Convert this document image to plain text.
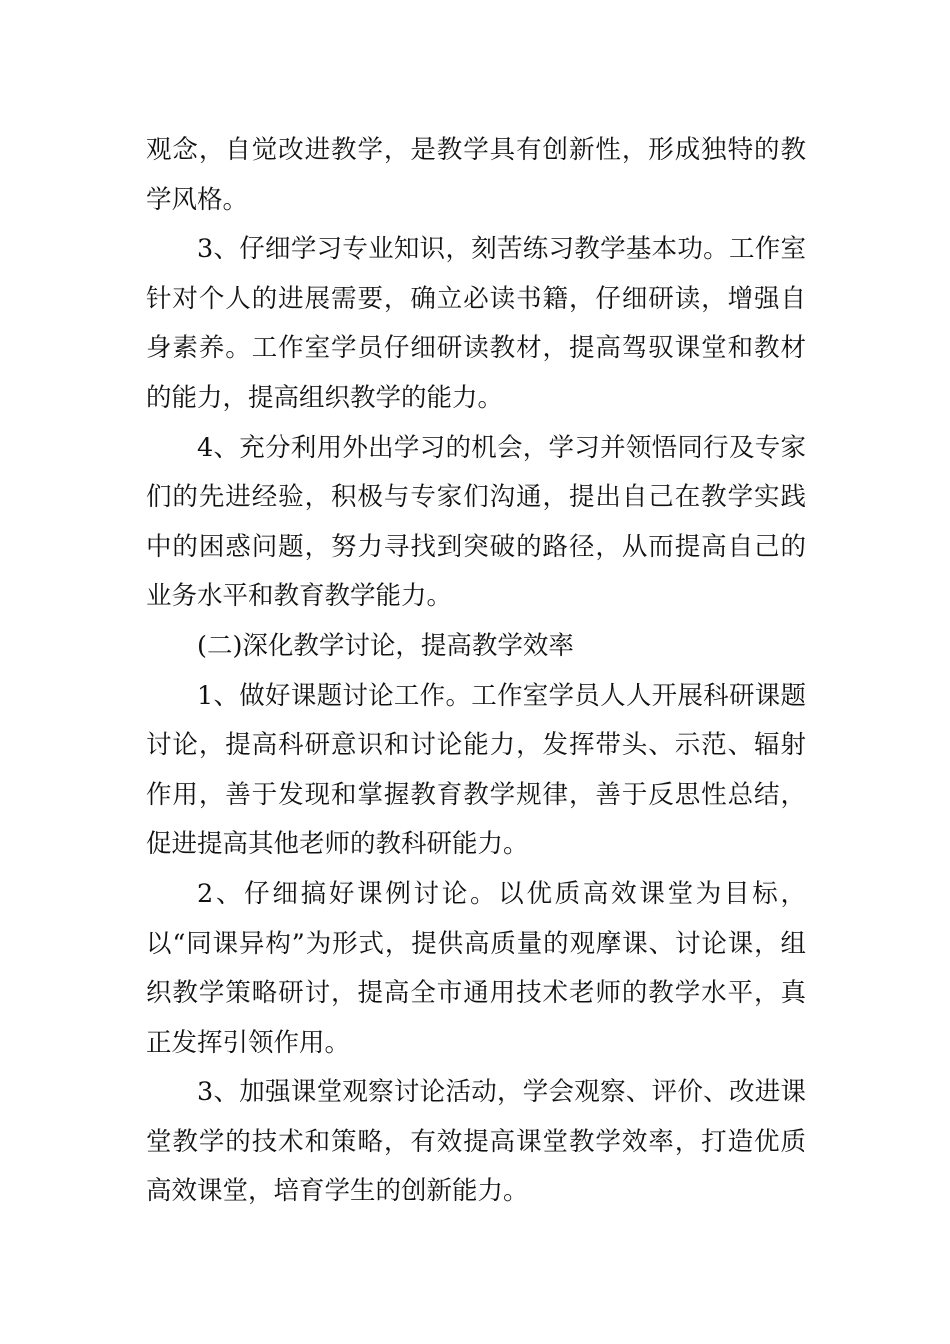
观念，自觉改进教学，是教学具有创新性，形成独特的教学风格。

3、仔细学习专业知识，刻苦练习教学基本功。工作室针对个人的进展需要，确立必读书籍，仔细研读，增强自身素养。工作室学员仔细研读教材，提高驾驭课堂和教材的能力，提高组织教学的能力。

4、充分利用外出学习的机会，学习并领悟同行及专家们的先进经验，积极与专家们沟通，提出自己在教学实践中的困惑问题，努力寻找到突破的路径，从而提高自己的业务水平和教育教学能力。

(二)深化教学讨论，提高教学效率

1、做好课题讨论工作。工作室学员人人开展科研课题讨论，提高科研意识和讨论能力，发挥带头、示范、辐射作用，善于发现和掌握教育教学规律，善于反思性总结，促进提高其他老师的教科研能力。

2、仔细搞好课例讨论。以优质高效课堂为目标，以“同课异构”为形式，提供高质量的观摩课、讨论课，组织教学策略研讨，提高全市通用技术老师的教学水平，真正发挥引领作用。

3、加强课堂观察讨论活动，学会观察、评价、改进课堂教学的技术和策略，有效提高课堂教学效率，打造优质高效课堂，培育学生的创新能力。
